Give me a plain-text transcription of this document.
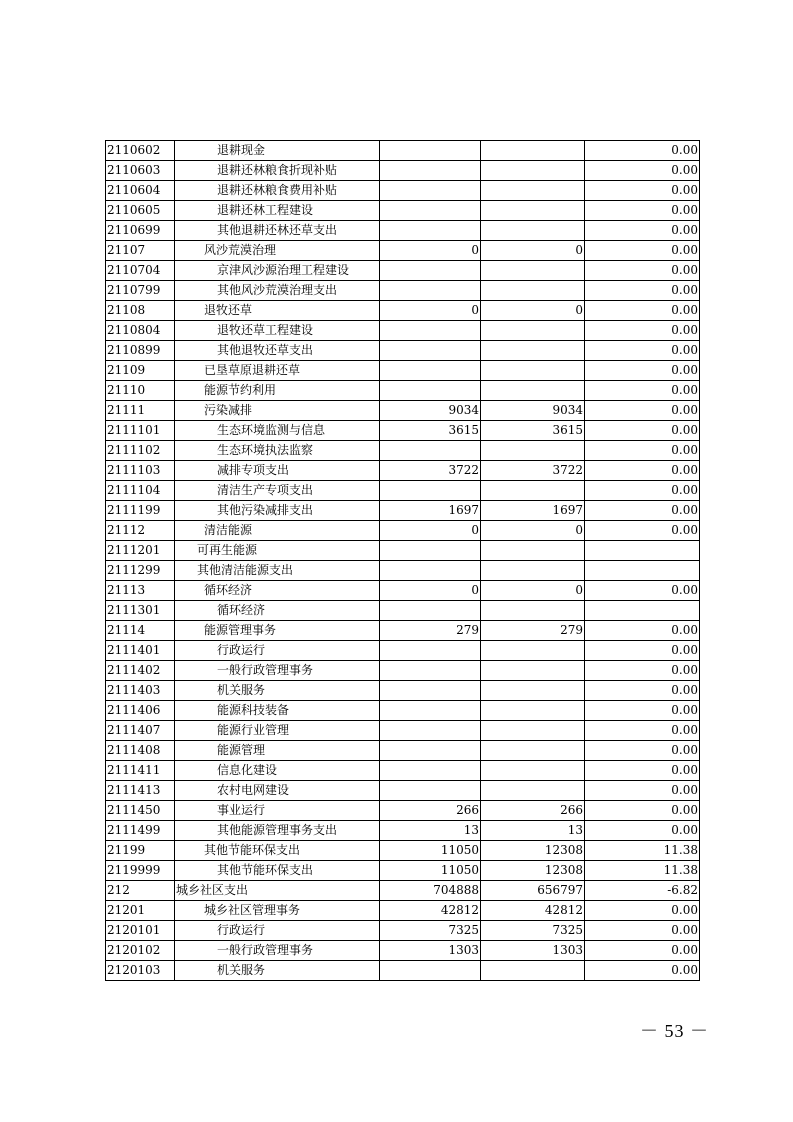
2110602	退耕现金			0.00
2110603	退耕还林粮食折现补贴			0.00
2110604	退耕还林粮食费用补贴			0.00
2110605	退耕还林工程建设			0.00
2110699	其他退耕还林还草支出			0.00
21107	风沙荒漠治理	0	0	0.00
2110704	京津风沙源治理工程建设			0.00
2110799	其他风沙荒漠治理支出			0.00
21108	退牧还草	0	0	0.00
2110804	退牧还草工程建设			0.00
2110899	其他退牧还草支出			0.00
21109	已垦草原退耕还草			0.00
21110	能源节约利用			0.00
21111	污染减排	9034	9034	0.00
2111101	生态环境监测与信息	3615	3615	0.00
2111102	生态环境执法监察			0.00
2111103	减排专项支出	3722	3722	0.00
2111104	清洁生产专项支出			0.00
2111199	其他污染减排支出	1697	1697	0.00
21112	清洁能源	0	0	0.00
2111201	可再生能源			
2111299	其他清洁能源支出			
21113	循环经济	0	0	0.00
2111301	循环经济			
21114	能源管理事务	279	279	0.00
2111401	行政运行			0.00
2111402	一般行政管理事务			0.00
2111403	机关服务			0.00
2111406	能源科技装备			0.00
2111407	能源行业管理			0.00
2111408	能源管理			0.00
2111411	信息化建设			0.00
2111413	农村电网建设			0.00
2111450	事业运行	266	266	0.00
2111499	其他能源管理事务支出	13	13	0.00
21199	其他节能环保支出	11050	12308	11.38
2119999	其他节能环保支出	11050	12308	11.38
212	城乡社区支出	704888	656797	-6.82
21201	城乡社区管理事务	42812	42812	0.00
2120101	行政运行	7325	7325	0.00
2120102	一般行政管理事务	1303	1303	0.00
2120103	机关服务			0.00
－ 53 －
